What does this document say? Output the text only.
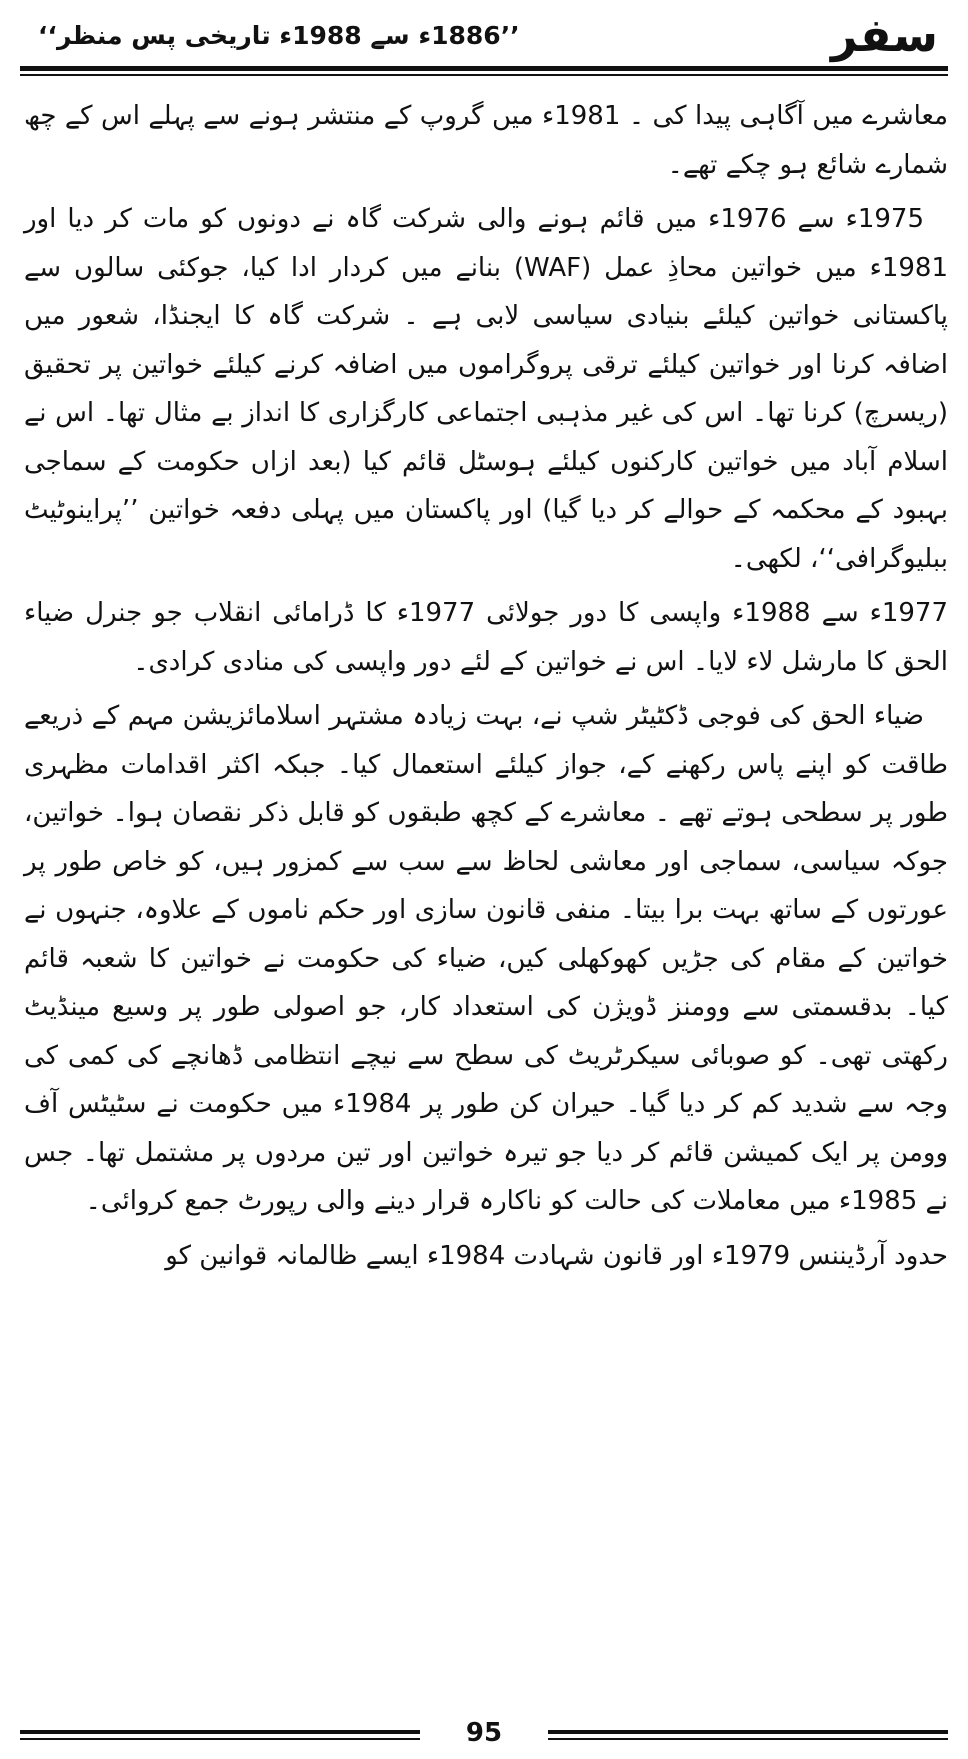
سفر
’’1886ء سے 1988ء تاریخی پس منظر‘‘

معاشرے میں آگاہی پیدا کی ۔ 1981ء میں گروپ کے منتشر ہونے سے پہلے اس کے چھ شمارے شائع ہو چکے تھے۔

1975ء سے 1976ء میں قائم ہونے والی شرکت گاہ نے دونوں کو مات کر دیا اور 1981ء میں خواتین محاذِ عمل (WAF) بنانے میں کردار ادا کیا، جوکئی سالوں سے پاکستانی خواتین کیلئے بنیادی سیاسی لابی ہے ۔ شرکت گاہ کا ایجنڈا، شعور میں اضافہ کرنا اور خواتین کیلئے ترقی پروگراموں میں اضافہ کرنے کیلئے خواتین پر تحقیق (ریسرچ) کرنا تھا۔ اس کی غیر مذہبی اجتماعی کارگزاری کا انداز بے مثال تھا۔ اس نے اسلام آباد میں خواتین کارکنوں کیلئے ہوسٹل قائم کیا (بعد ازاں حکومت کے سماجی بہبود کے محکمہ کے حوالے کر دیا گیا) اور پاکستان میں پہلی دفعہ خواتین ’’پراینوٹیٹ ببلیوگرافی‘‘، لکھی۔

1977ء سے 1988ء واپسی کا دور جولائی 1977ء کا ڈرامائی انقلاب جو جنرل ضیاء الحق کا مارشل لاء لایا۔ اس نے خواتین کے لئے دور واپسی کی منادی کرادی۔

ضیاء الحق کی فوجی ڈکٹیٹر شپ نے، بہت زیادہ مشتہر اسلامائزیشن مہم کے ذریعے طاقت کو اپنے پاس رکھنے کے، جواز کیلئے استعمال کیا۔ جبکہ اکثر اقدامات مظہری طور پر سطحی ہوتے تھے ۔ معاشرے کے کچھ طبقوں کو قابل ذکر نقصان ہوا۔ خواتین، جوکہ سیاسی، سماجی اور معاشی لحاظ سے سب سے کمزور ہیں، کو خاص طور پر عورتوں کے ساتھ بہت برا بیتا۔ منفی قانون سازی اور حکم ناموں کے علاوہ، جنہوں نے خواتین کے مقام کی جڑیں کھوکھلی کیں، ضیاء کی حکومت نے خواتین کا شعبہ قائم کیا۔ بدقسمتی سے وومنز ڈویژن کی استعداد کار، جو اصولی طور پر وسیع مینڈیٹ رکھتی تھی۔ کو صوبائی سیکرٹریٹ کی سطح سے نیچے انتظامی ڈھانچے کی کمی کی وجہ سے شدید کم کر دیا گیا۔ حیران کن طور پر 1984ء میں حکومت نے سٹیٹس آف وومن پر ایک کمیشن قائم کر دیا جو تیرہ خواتین اور تین مردوں پر مشتمل تھا۔ جس نے 1985ء میں معاملات کی حالت کو ناکارہ قرار دینے والی رپورٹ جمع کروائی۔

حدود آرڈیننس 1979ء اور قانون شہادت 1984ء ایسے ظالمانہ قوانین کو

95
